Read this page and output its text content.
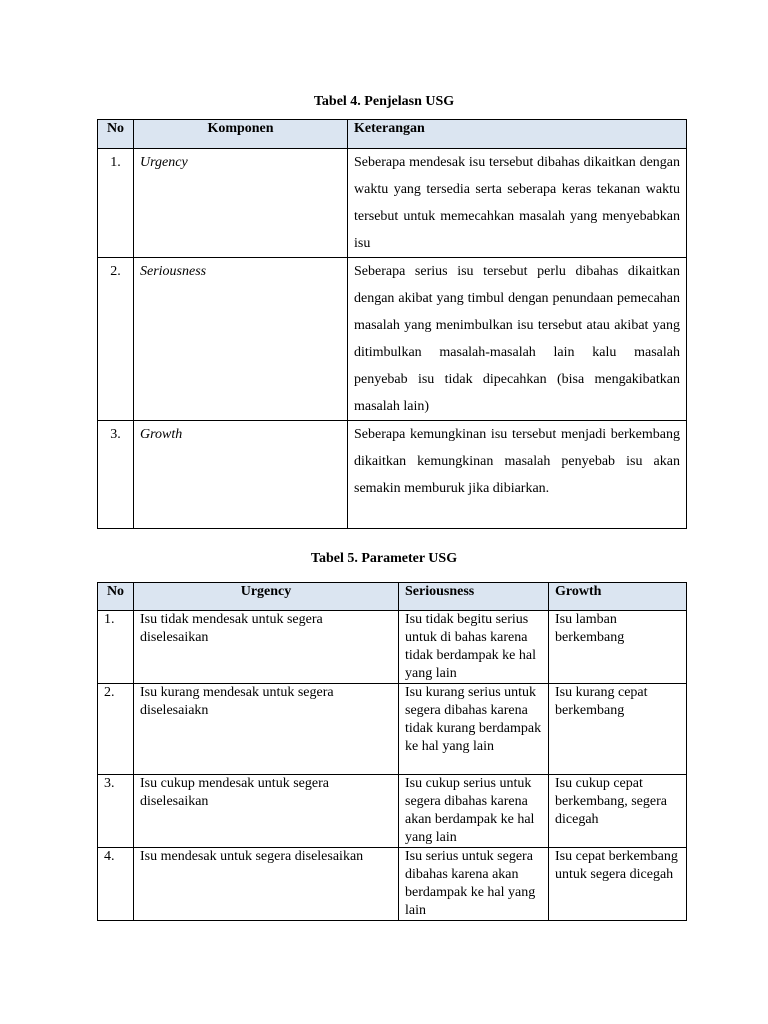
Tabel 4. Penjelasn USG
No	Komponen	Keterangan
1.	Urgency	Seberapa mendesak isu tersebut dibahas dikaitkan dengan waktu yang tersedia serta seberapa keras tekanan waktu tersebut untuk memecahkan masalah yang menyebabkan isu
2.	Seriousness	Seberapa serius isu tersebut perlu dibahas dikaitkan dengan akibat yang timbul dengan penundaan pemecahan masalah yang menimbulkan isu tersebut atau akibat yang ditimbulkan masalah-masalah lain kalu masalah penyebab isu tidak dipecahkan (bisa mengakibatkan masalah lain)
3.	Growth	Seberapa kemungkinan isu tersebut menjadi berkembang dikaitkan kemungkinan masalah penyebab isu akan semakin memburuk jika dibiarkan.
Tabel 5. Parameter USG
No	Urgency	Seriousness	Growth
1.	Isu tidak mendesak untuk segera diselesaikan	Isu tidak begitu serius untuk di bahas karena tidak berdampak ke hal yang lain	Isu lamban berkembang
2.	Isu kurang mendesak untuk segera diselesaiakn	Isu kurang serius untuk segera dibahas karena tidak kurang berdampak ke hal yang lain	Isu kurang cepat berkembang
3.	Isu cukup mendesak untuk segera diselesaikan	Isu cukup serius untuk segera dibahas karena akan berdampak ke hal yang lain	Isu cukup cepat berkembang, segera dicegah
4.	Isu mendesak untuk segera diselesaikan	Isu serius untuk segera dibahas karena akan berdampak ke hal yang lain	Isu cepat berkembang untuk segera dicegah
